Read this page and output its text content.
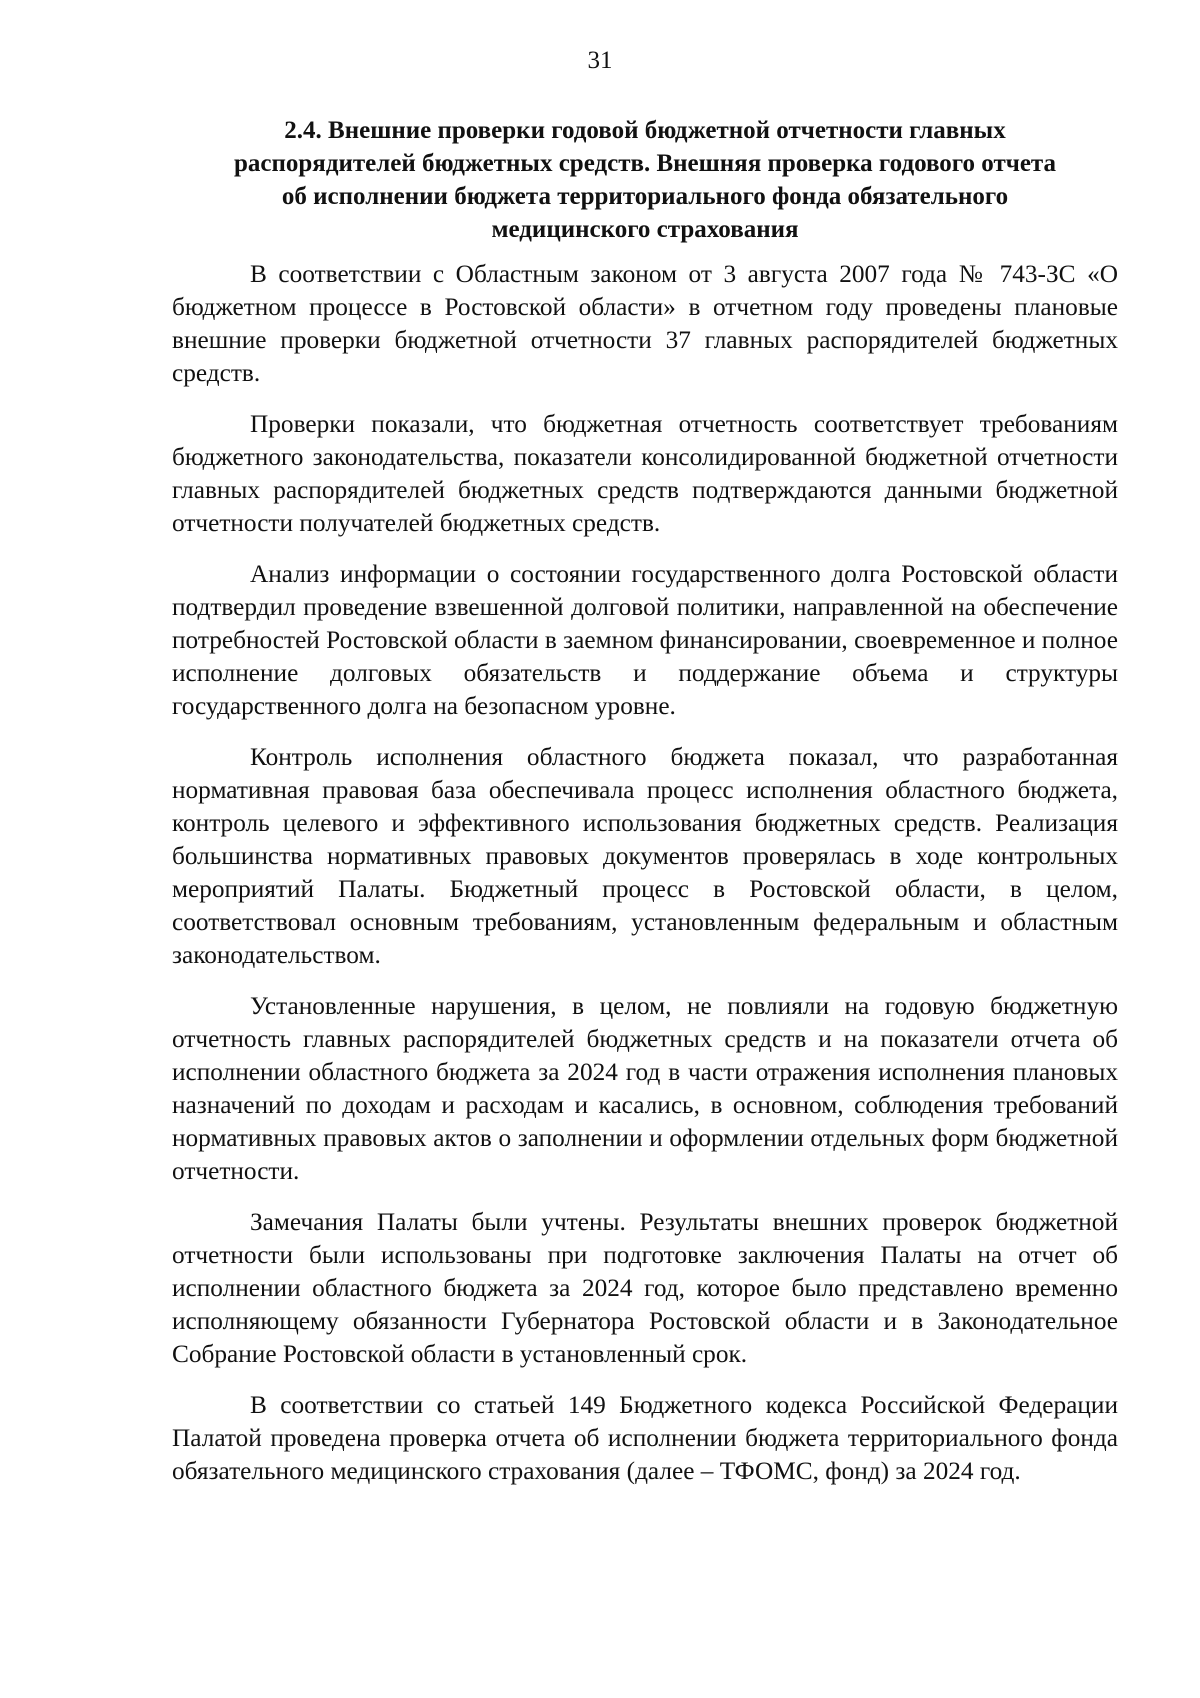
31
2.4. Внешние проверки годовой бюджетной отчетности главных
распорядителей бюджетных средств. Внешняя проверка годового отчета
об исполнении бюджета территориального фонда обязательного
медицинского страхования

В соответствии с Областным законом от 3 августа 2007 года № 743-ЗС «О бюджетном процессе в Ростовской области» в отчетном году проведены плановые внешние проверки бюджетной отчетности 37 главных распорядителей бюджетных средств.

Проверки показали, что бюджетная отчетность соответствует требованиям бюджетного законодательства, показатели консолидированной бюджетной отчетности главных распорядителей бюджетных средств подтверждаются данными бюджетной отчетности получателей бюджетных средств.

Анализ информации о состоянии государственного долга Ростовской области подтвердил проведение взвешенной долговой политики, направленной на обеспечение потребностей Ростовской области в заемном финансировании, своевременное и полное исполнение долговых обязательств и поддержание объема и структуры государственного долга на безопасном уровне.

Контроль исполнения областного бюджета показал, что разработанная нормативная правовая база обеспечивала процесс исполнения областного бюджета, контроль целевого и эффективного использования бюджетных средств. Реализация большинства нормативных правовых документов проверялась в ходе контрольных мероприятий Палаты. Бюджетный процесс в Ростовской области, в целом, соответствовал основным требованиям, установленным федеральным и областным законодательством.

Установленные нарушения, в целом, не повлияли на годовую бюджетную отчетность главных распорядителей бюджетных средств и на показатели отчета об исполнении областного бюджета за 2024 год в части отражения исполнения плановых назначений по доходам и расходам и касались, в основном, соблюдения требований нормативных правовых актов о заполнении и оформлении отдельных форм бюджетной отчетности.

Замечания Палаты были учтены. Результаты внешних проверок бюджетной отчетности были использованы при подготовке заключения Палаты на отчет об исполнении областного бюджета за 2024 год, которое было представлено временно исполняющему обязанности Губернатора Ростовской области и в Законодательное Собрание Ростовской области в установленный срок.

В соответствии со статьей 149 Бюджетного кодекса Российской Федерации Палатой проведена проверка отчета об исполнении бюджета территориального фонда обязательного медицинского страхования (далее – ТФОМС, фонд) за 2024 год.
